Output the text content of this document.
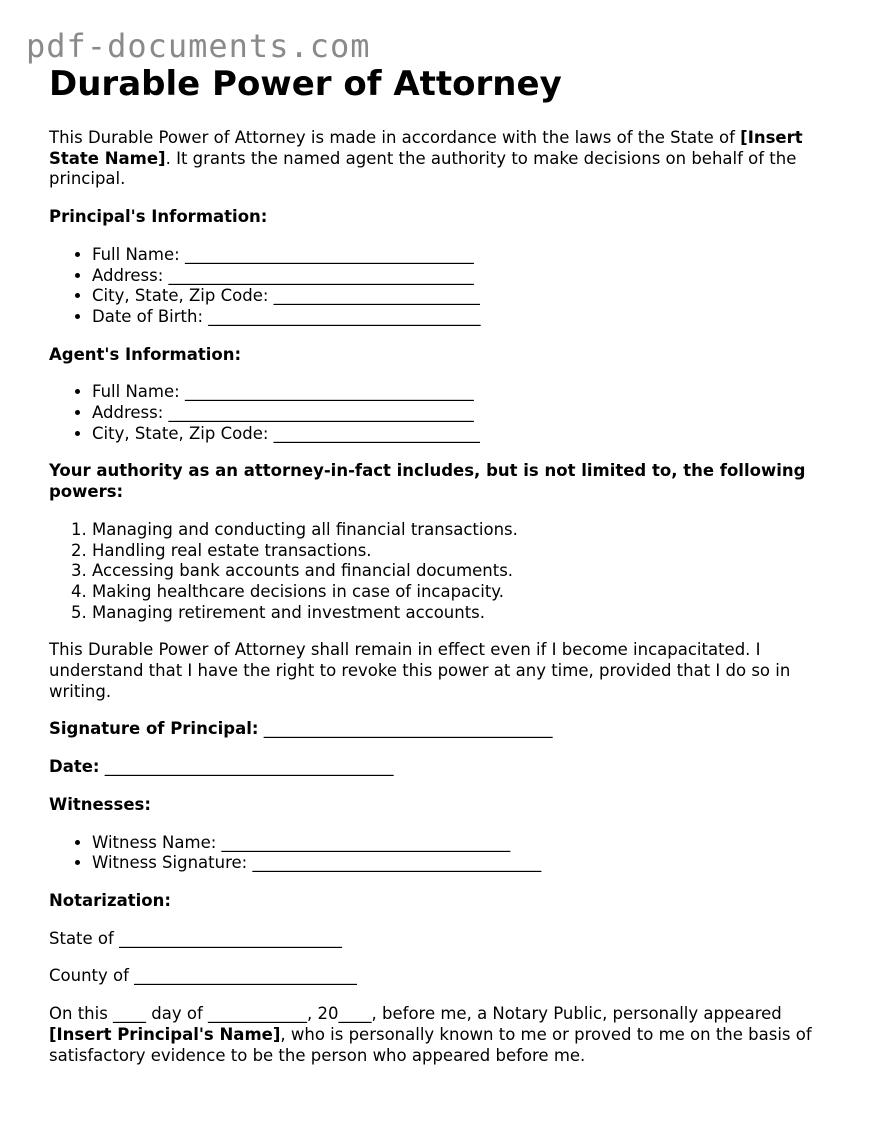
pdf-documents.com
Durable Power of Attorney

This Durable Power of Attorney is made in accordance with the laws of the State of [Insert State Name]. It grants the named agent the authority to make decisions on behalf of the principal.

Principal's Information:

• Full Name: ___________________________________
• Address: _____________________________________
• City, State, Zip Code: _________________________
• Date of Birth: _________________________________

Agent's Information:

• Full Name: ___________________________________
• Address: _____________________________________
• City, State, Zip Code: _________________________

Your authority as an attorney-in-fact includes, but is not limited to, the following powers:

1. Managing and conducting all financial transactions.
2. Handling real estate transactions.
3. Accessing bank accounts and financial documents.
4. Making healthcare decisions in case of incapacity.
5. Managing retirement and investment accounts.

This Durable Power of Attorney shall remain in effect even if I become incapacitated. I understand that I have the right to revoke this power at any time, provided that I do so in writing.

Signature of Principal: ___________________________________

Date: ___________________________________

Witnesses:

• Witness Name: ___________________________________
• Witness Signature: ___________________________________

Notarization:

State of ___________________________

County of ___________________________

On this ____ day of ____________, 20____, before me, a Notary Public, personally appeared [Insert Principal's Name], who is personally known to me or proved to me on the basis of satisfactory evidence to be the person who appeared before me.
